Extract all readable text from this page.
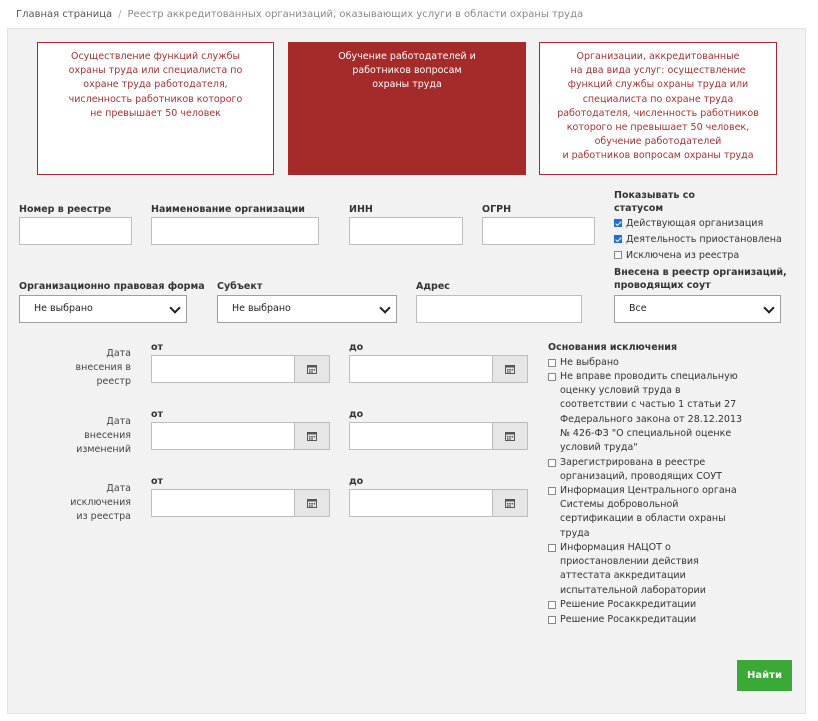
Главная страница / Реестр аккредитованных организаций, оказывающих услуги в области охраны труда
Осуществление функций службы
охраны труда или специалиста по
охране труда работодателя,
численность работников которого
не превышает 50 человек
Обучение работодателей и
работников вопросам
охраны труда
Организации, аккредитованные
на два вида услуг: осуществление
функций службы охраны труда или
специалиста по охране труда
работодателя, численность работников
которого не превышает 50 человек,
обучение работодателей
и работников вопросам охраны труда
Номер в реестре	Наименование организации	ИНН	ОГРН
Показывать со
статусом
Действующая организация
Деятельность приостановлена
Исключена из реестра
Организационно правовая форма
Не выбрано
Субъект
Не выбрано
Адрес
Внесена в реестр организаций,
проводящих соут
Все
Дата
внесения в
реестр
от	до
Дата
внесения
изменений
от	до
Дата
исключения
из реестра
от	до
Основания исключения
Не выбрано
Не вправе проводить специальную
оценку условий труда в
соответствии с частью 1 статьи 27
Федерального закона от 28.12.2013
№ 426-ФЗ "О специальной оценке
условий труда"
Зарегистрирована в реестре
организаций, проводящих СОУТ
Информация Центрального органа
Системы добровольной
сертификации в области охраны
труда
Информация НАЦОТ о
приостановлении действия
аттестата аккредитации
испытательной лаборатории
Решение Росаккредитации
Решение Росаккредитации
Найти
